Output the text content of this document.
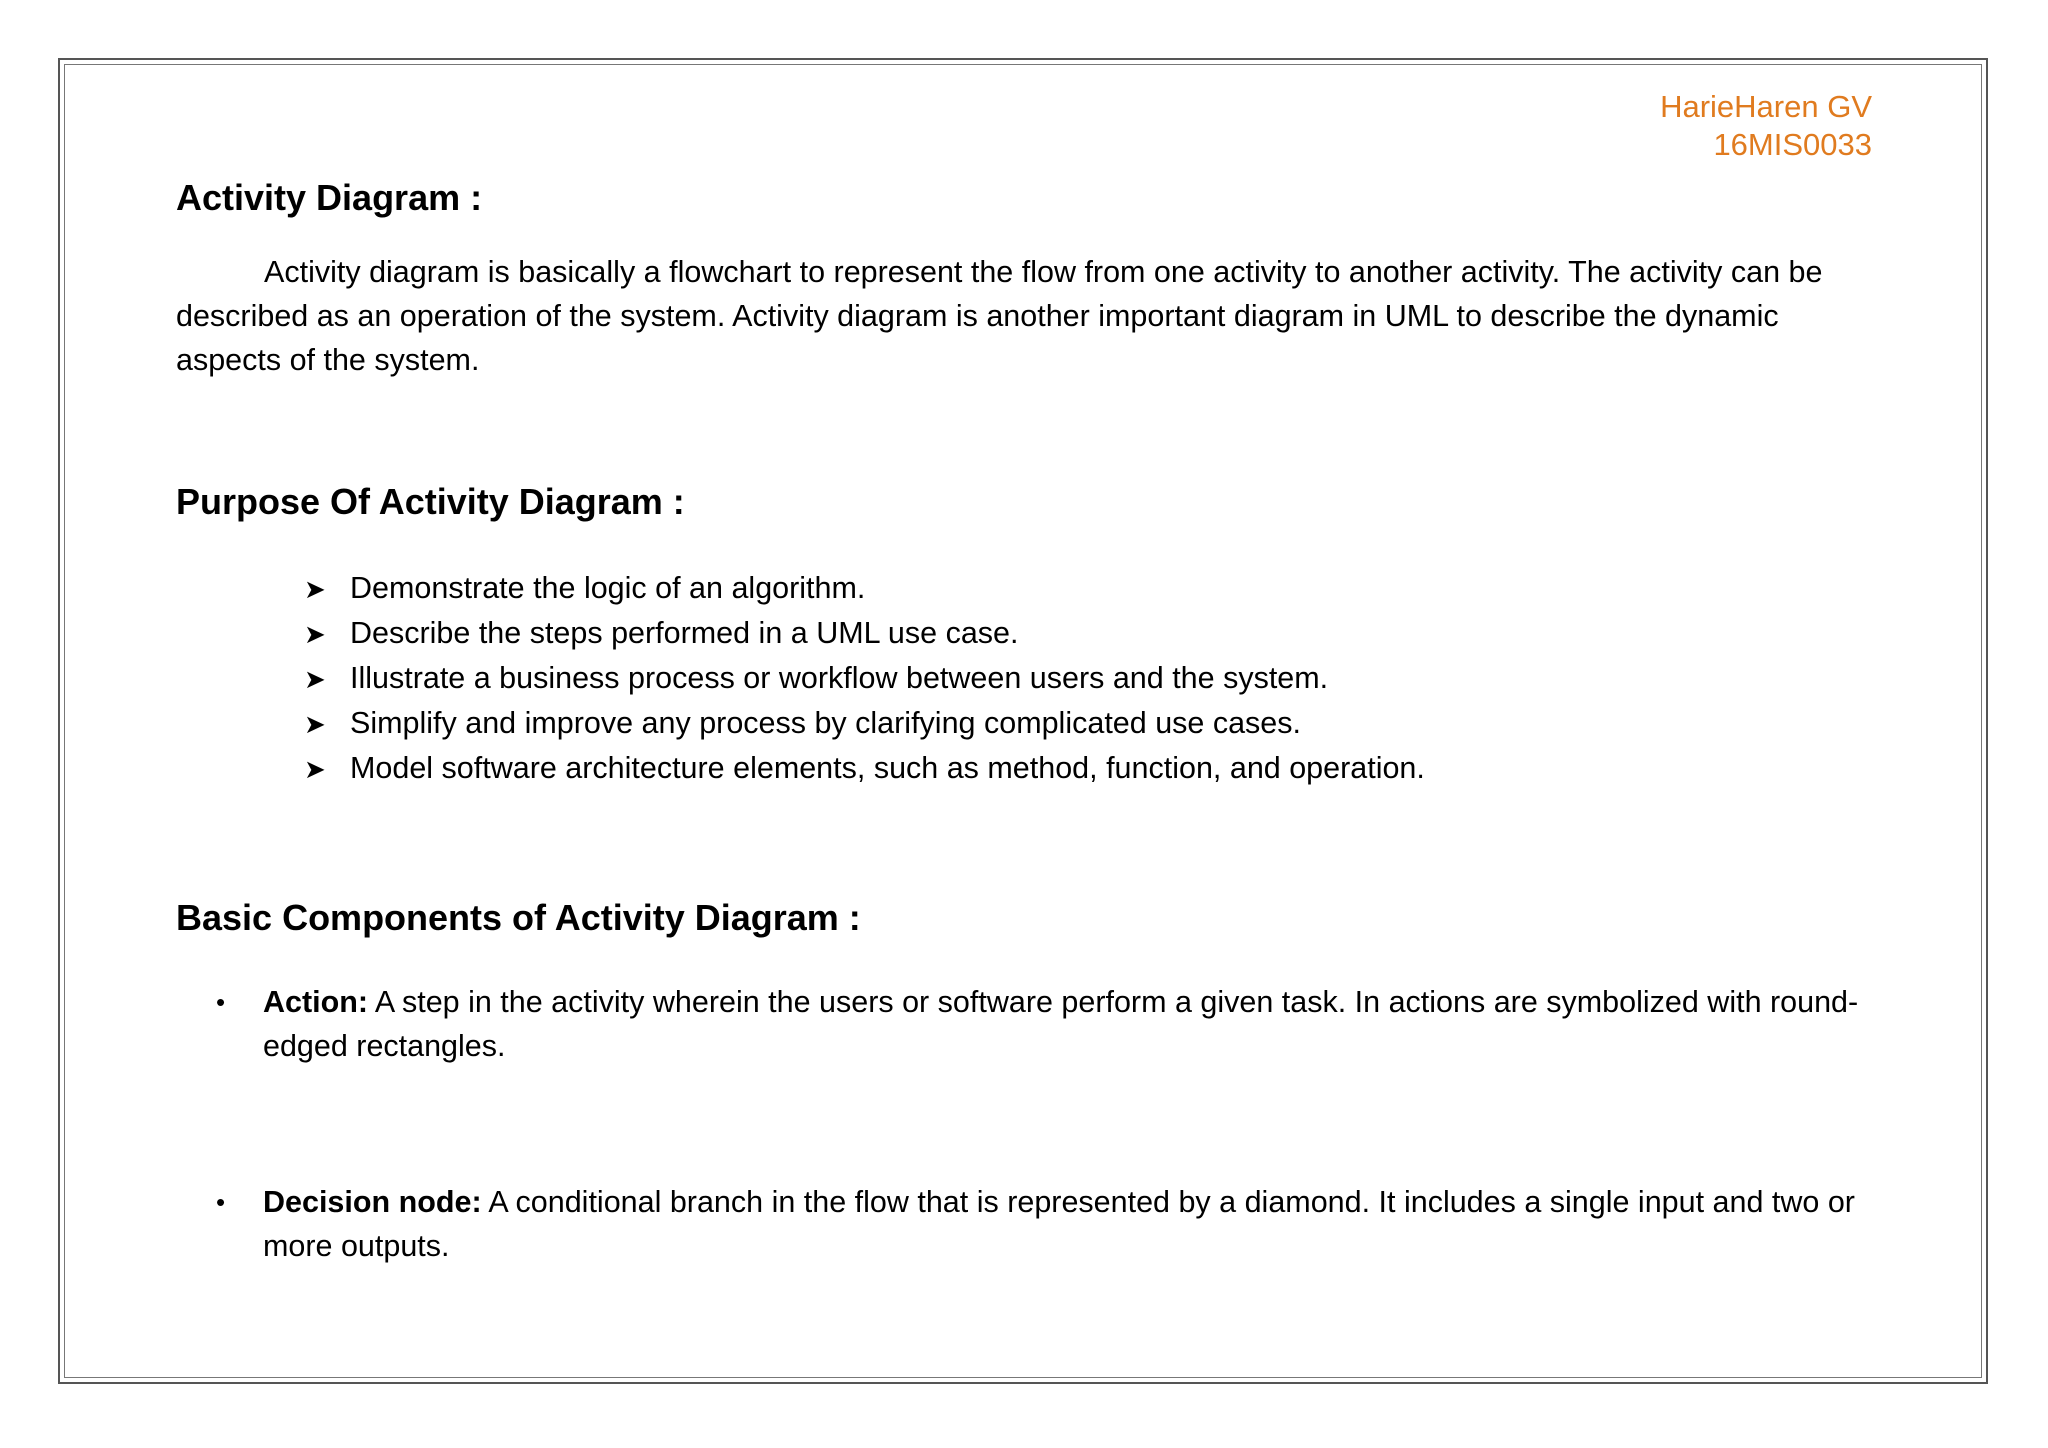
HarieHaren GV
16MIS0033
Activity Diagram :

Activity diagram is basically a flowchart to represent the flow from one activity to another activity. The activity can be described as an operation of the system. Activity diagram is another important diagram in UML to describe the dynamic aspects of the system.

Purpose Of Activity Diagram :
➤ Demonstrate the logic of an algorithm.
➤ Describe the steps performed in a UML use case.
➤ Illustrate a business process or workflow between users and the system.
➤ Simplify and improve any process by clarifying complicated use cases.
➤ Model software architecture elements, such as method, function, and operation.
Basic Components of Activity Diagram :
•	Action: A step in the activity wherein the users or software perform a given task. In actions are symbolized with round-edged rectangles.
•	Decision node: A conditional branch in the flow that is represented by a diamond. It includes a single input and two or more outputs.
